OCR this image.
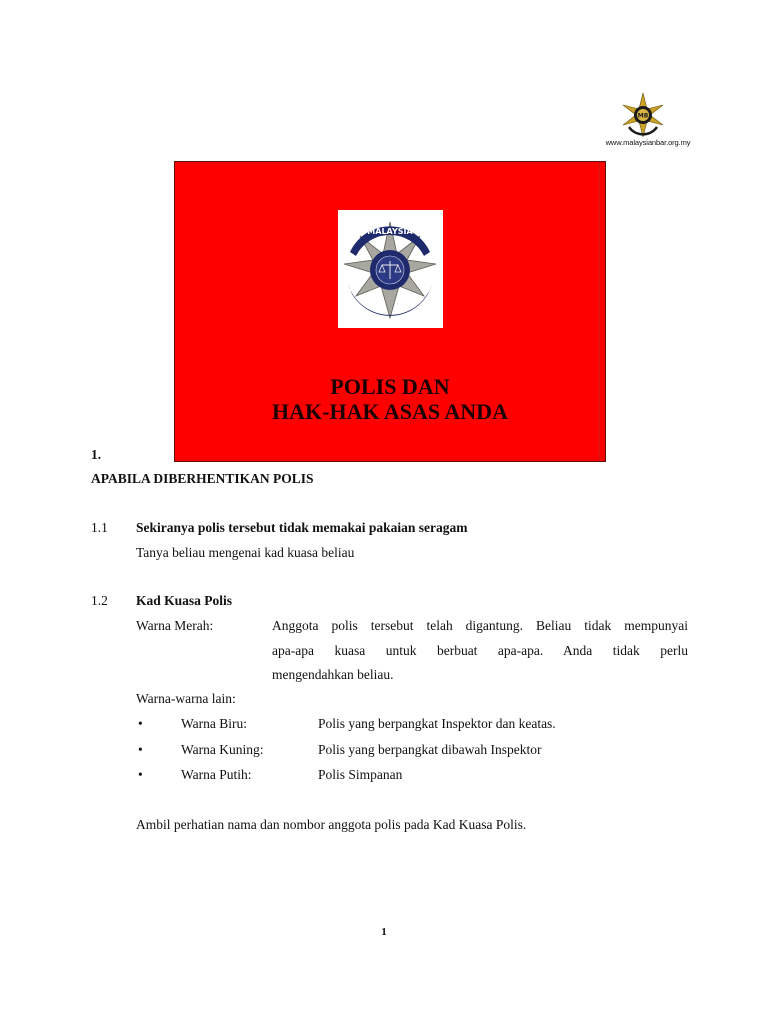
MB
www.malaysianbar.org.my
MALAYSIA
POLIS DAN
HAK-HAK ASAS ANDA
1.
APABILA DIBERHENTIKAN POLIS
1.1 Sekiranya polis tersebut tidak memakai pakaian seragam
Tanya beliau mengenai kad kuasa beliau
1.2 Kad Kuasa Polis
Warna Merah:	Anggota polis tersebut telah digantung. Beliau tidak mempunyai
apa-apa kuasa untuk berbuat apa-apa. Anda tidak perlu
mengendahkan beliau.
Warna-warna lain:
•	Warna Biru:	Polis yang berpangkat Inspektor dan keatas.
•	Warna Kuning:	Polis yang berpangkat dibawah Inspektor
•	Warna Putih:	Polis Simpanan
Ambil perhatian nama dan nombor anggota polis pada Kad Kuasa Polis.
1
